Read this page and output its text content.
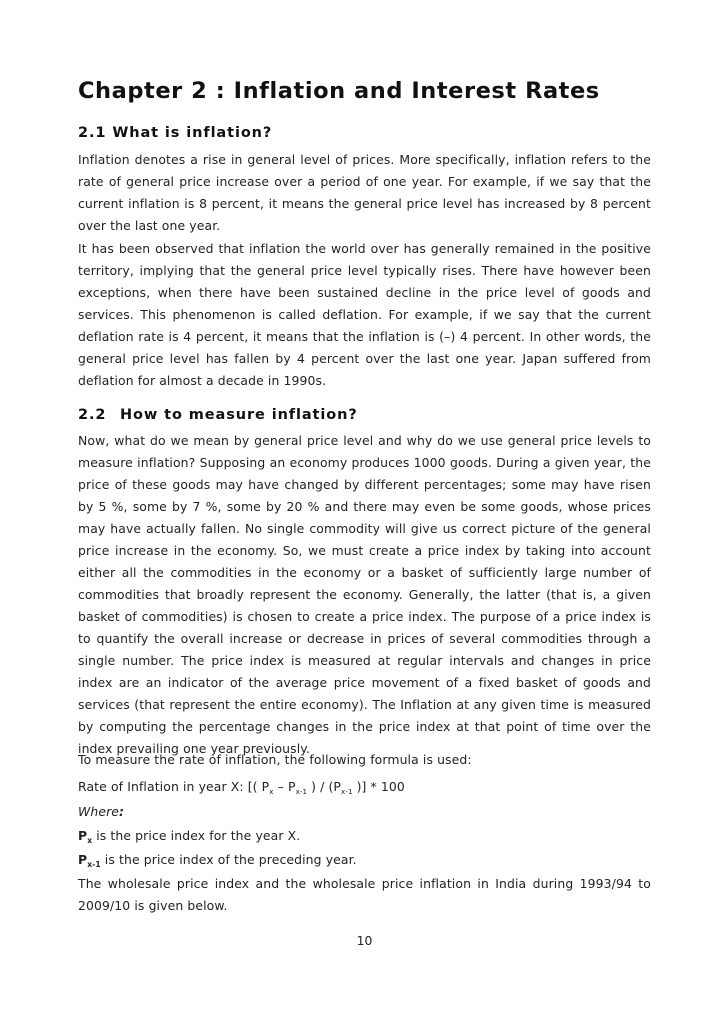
Chapter 2 : Inflation and Interest Rates
2.1 What is inflation?

Inflation denotes a rise in general level of prices. More specifically, inflation refers to the rate of general price increase over a period of one year. For example, if we say that the current inflation is 8 percent, it means the general price level has increased by 8 percent over the last one year.

It has been observed that inflation the world over has generally remained in the positive territory, implying that the general price level typically rises. There have however been exceptions, when there have been sustained decline in the price level of goods and services. This phenomenon is called deflation. For example, if we say that the current deflation rate is 4 percent, it means that the inflation is (–) 4 percent. In other words, the general price level has fallen by 4 percent over the last one year. Japan suffered from deflation for almost a decade in 1990s.

2.2 How to measure inflation?

Now, what do we mean by general price level and why do we use general price levels to measure inflation? Supposing an economy produces 1000 goods. During a given year, the price of these goods may have changed by different percentages; some may have risen by 5 %, some by 7 %, some by 20 % and there may even be some goods, whose prices may have actually fallen. No single commodity will give us correct picture of the general price increase in the economy. So, we must create a price index by taking into account either all the commodities in the economy or a basket of sufficiently large number of commodities that broadly represent the economy. Generally, the latter (that is, a given basket of commodities) is chosen to create a price index. The purpose of a price index is to quantify the overall increase or decrease in prices of several commodities through a single number. The price index is measured at regular intervals and changes in price index are an indicator of the average price movement of a fixed basket of goods and services (that represent the entire economy). The Inflation at any given time is measured by computing the percentage changes in the price index at that point of time over the index prevailing one year previously.

To measure the rate of inflation, the following formula is used:
Rate of Inflation in year X: [( $P_x - P_{x-1}$ ) / ($P_{x-1}$ )] * 100
Where:
$P_x$ is the price index for the year X.
$P_{x-1}$ is the price index of the preceding year.

The wholesale price index and the wholesale price inflation in India during 1993/94 to 2009/10 is given below.

10
